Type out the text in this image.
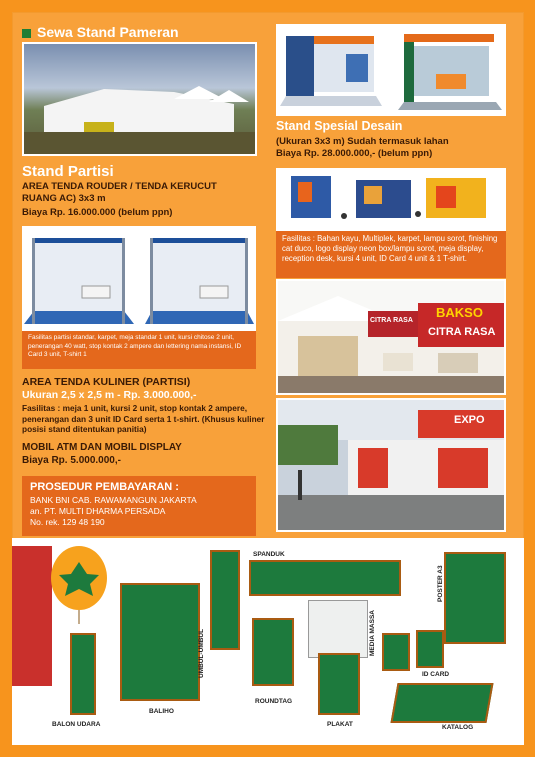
Sewa Stand Pameran
Stand Partisi
AREA TENDA ROUDER / TENDA KERUCUT
RUANG AC) 3x3 m
Biaya Rp. 16.000.000 (belum ppn)
Fasilitas partisi standar, karpet, meja standar 1 unit, kursi chitose 2 unit, penerangan 40 watt, stop kontak 2 ampere dan lettering nama instansi, ID Card 3 unit, T-shirt 1
AREA TENDA KULINER (PARTISI)
Ukuran 2,5 x 2,5 m - Rp. 3.000.000,-
Fasilitas : meja 1 unit, kursi 2 unit, stop kontak 2 ampere, penerangan dan 3 unit ID Card serta 1 t-shirt. (Khusus kuliner posisi stand ditentukan panitia)
MOBIL ATM DAN MOBIL DISPLAY
Biaya Rp. 5.000.000,-
PROSEDUR PEMBAYARAN :
BANK BNI CAB. RAWAMANGUN JAKARTA
an. PT. MULTI DHARMA PERSADA
No. rek. 129 48 190
Stand Spesial Desain
(Ukuran 3x3 m) Sudah termasuk lahan
Biaya Rp. 28.000.000,- (belum ppn)
Fasilitas : Bahan kayu, Multiplek, karpet, lampu sorot, finishing cat duco, logo display neon box/lampu sorot, meja display, reception desk, kursi 4 unit, ID Card 4 unit & 1 T-shirt.
CITRA RASA
BAKSO
CITRA RASA
EXPO
SPANDUK
BALON UDARA
BALIHO
UMBUL-UMBUL
ROUNDTAG
MEDIA MASSA
PLAKAT
POSTER A3
ID CARD
KATALOG
